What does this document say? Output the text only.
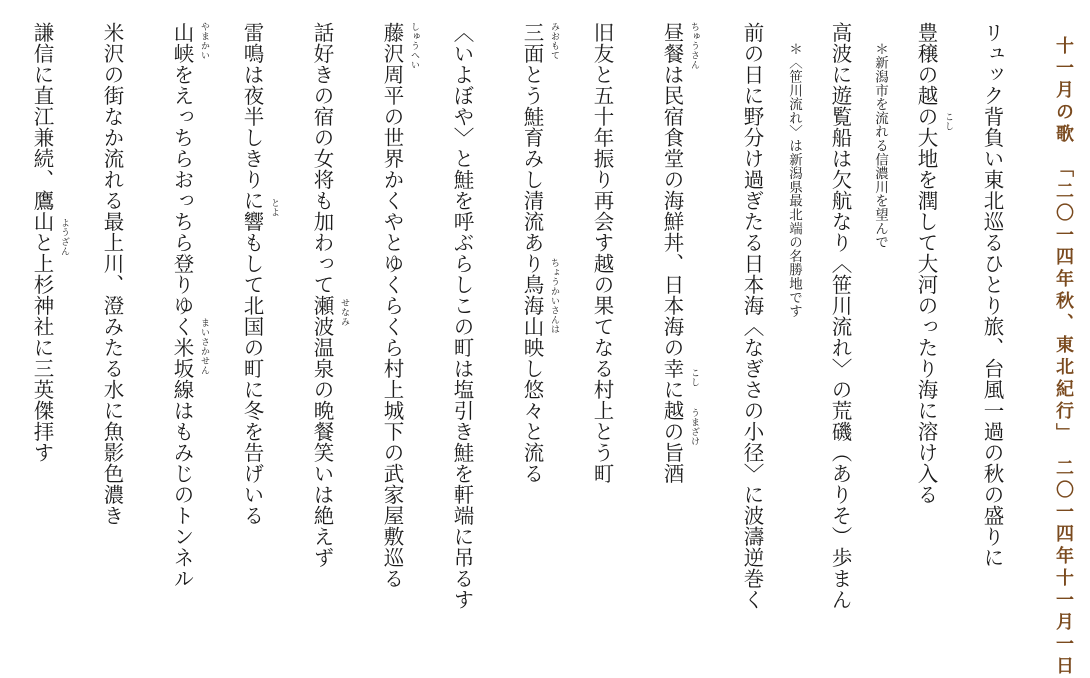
十一月の歌　「二〇一四年秋、東北紀行」　二〇一四年十一月一日
リュック背負い東北巡るひとり旅、台風一過の秋の盛りに
豊穣の越の大地を潤して大河のったり海に溶け入る
＊新潟市を流れる信濃川を望んで
高波に遊覧船は欠航なり〈笹川流れ〉の荒磯（ありそ）歩まん
＊〈笹川流れ〉は新潟県最北端の名勝地です
前の日に野分け過ぎたる日本海〈なぎさの小径〉に波濤逆巻く
昼餐は民宿食堂の海鮮丼、日本海の幸に越の旨酒
旧友と五十年振り再会す越の果てなる村上とう町
三面とう鮭育みし清流あり鳥海山映し悠々と流る
〈いよぼや〉と鮭を呼ぶらしこの町は塩引き鮭を軒端に吊るす
藤沢周平の世界かくやとゆくらくら村上城下の武家屋敷巡る
話好きの宿の女将も加わって瀬波温泉の晩餐笑いは絶えず
雷鳴は夜半しきりに響もして北国の町に冬を告げいる
山峡をえっちらおっちら登りゆく米坂線はもみじのトンネル
米沢の街なか流れる最上川、澄みたる水に魚影色濃き
謙信に直江兼続、鷹山と上杉神社に三英傑拝す
こし
ちゅうさん
こし
うまざけ
みおもて
ちょうかいさんは
しゅうへい
せなみ
とよ
やまかい
まいさかせん
ようざん
